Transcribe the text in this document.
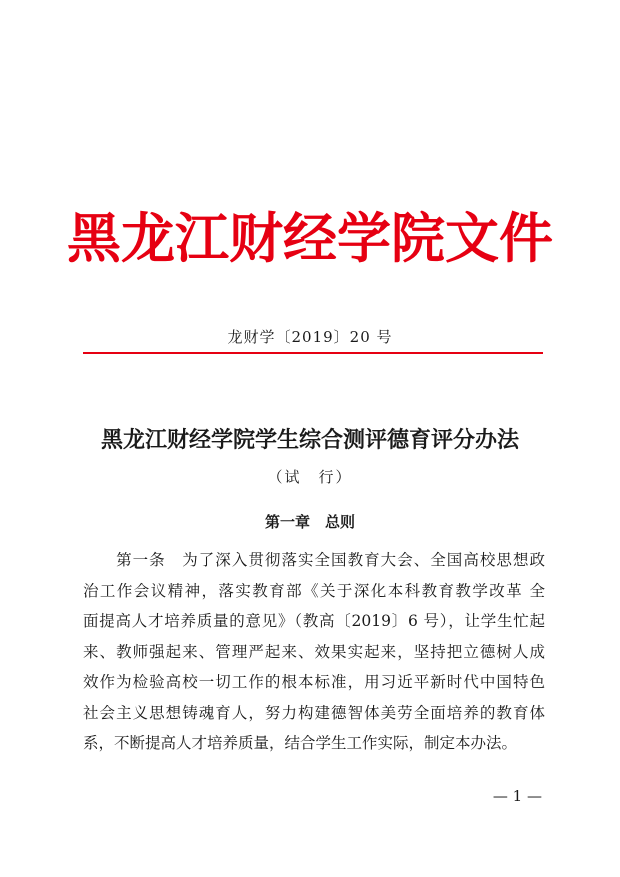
黑龙江财经学院文件
龙财学〔2019〕20 号
黑龙江财经学院学生综合测评德育评分办法
（试　行）
第一章　总则
　　第一条　为了深入贯彻落实全国教育大会、全国高校思想政
治工作会议精神，落实教育部《关于深化本科教育教学改革 全
面提高人才培养质量的意见》（教高〔2019〕6 号），让学生忙起
来、教师强起来、管理严起来、效果实起来，坚持把立德树人成
效作为检验高校一切工作的根本标准，用习近平新时代中国特色
社会主义思想铸魂育人，努力构建德智体美劳全面培养的教育体
系，不断提高人才培养质量，结合学生工作实际，制定本办法。
— 1 —
